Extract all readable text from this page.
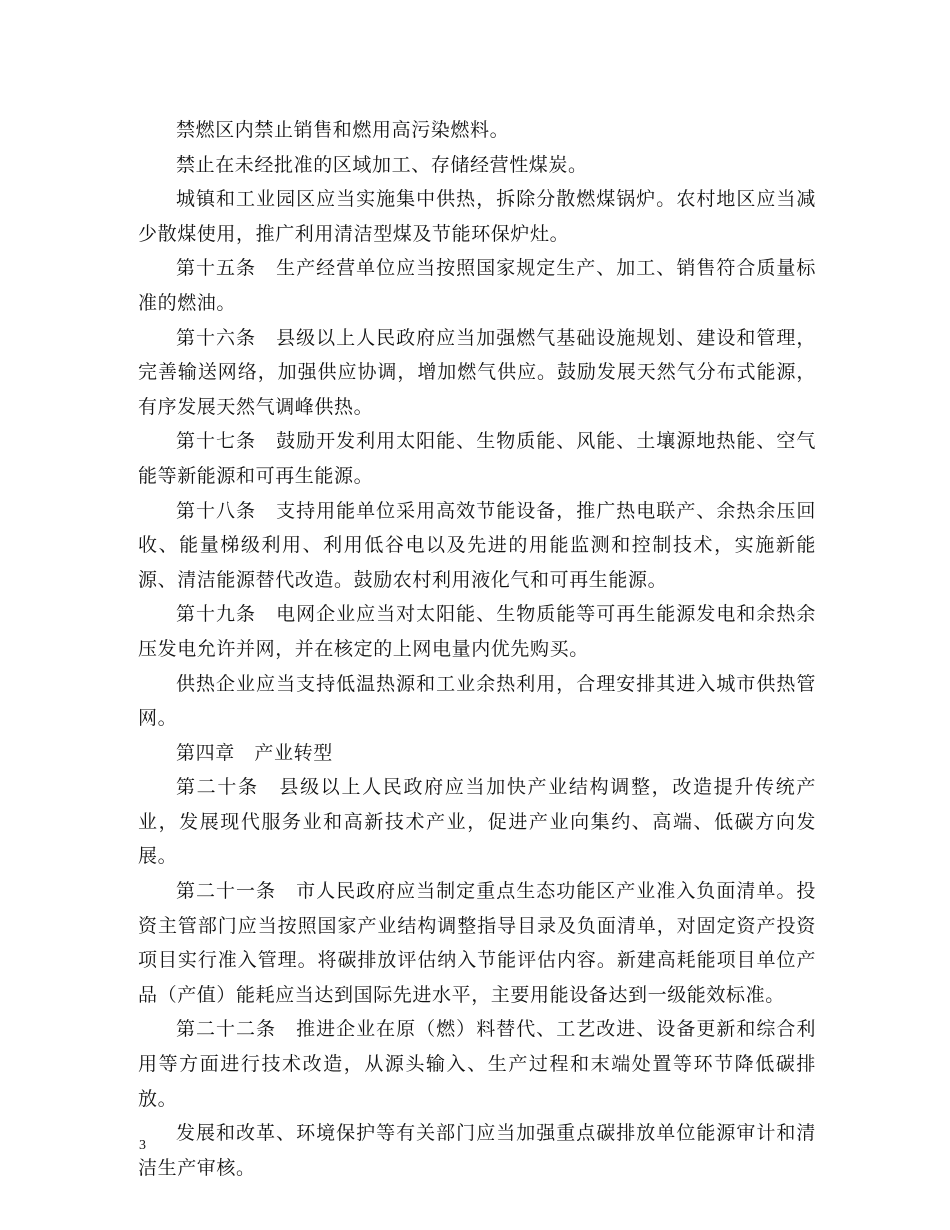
禁燃区内禁止销售和燃用高污染燃料。

禁止在未经批准的区域加工、存储经营性煤炭。

城镇和工业园区应当实施集中供热，拆除分散燃煤锅炉。农村地区应当减少散煤使用，推广利用清洁型煤及节能环保炉灶。

第十五条　生产经营单位应当按照国家规定生产、加工、销售符合质量标准的燃油。

第十六条　县级以上人民政府应当加强燃气基础设施规划、建设和管理，完善输送网络，加强供应协调，增加燃气供应。鼓励发展天然气分布式能源，有序发展天然气调峰供热。

第十七条　鼓励开发利用太阳能、生物质能、风能、土壤源地热能、空气能等新能源和可再生能源。

第十八条　支持用能单位采用高效节能设备，推广热电联产、余热余压回收、能量梯级利用、利用低谷电以及先进的用能监测和控制技术，实施新能源、清洁能源替代改造。鼓励农村利用液化气和可再生能源。

第十九条　电网企业应当对太阳能、生物质能等可再生能源发电和余热余压发电允许并网，并在核定的上网电量内优先购买。

供热企业应当支持低温热源和工业余热利用，合理安排其进入城市供热管网。

第四章　产业转型

第二十条　县级以上人民政府应当加快产业结构调整，改造提升传统产业，发展现代服务业和高新技术产业，促进产业向集约、高端、低碳方向发展。

第二十一条　市人民政府应当制定重点生态功能区产业准入负面清单。投资主管部门应当按照国家产业结构调整指导目录及负面清单，对固定资产投资项目实行准入管理。将碳排放评估纳入节能评估内容。新建高耗能项目单位产品（产值）能耗应当达到国际先进水平，主要用能设备达到一级能效标准。

第二十二条　推进企业在原（燃）料替代、工艺改进、设备更新和综合利用等方面进行技术改造，从源头输入、生产过程和末端处置等环节降低碳排放。

发展和改革、环境保护等有关部门应当加强重点碳排放单位能源审计和清洁生产审核。

3
